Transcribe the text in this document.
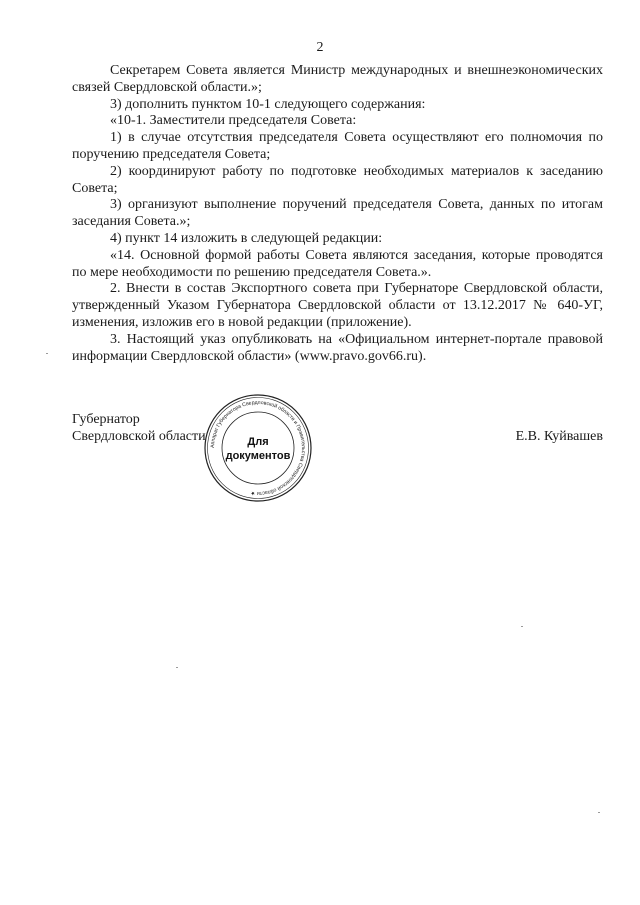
2

Секретарем Совета является Министр международных и внешнеэкономических связей Свердловской области.»;

3) дополнить пунктом 10-1 следующего содержания:

«10-1. Заместители председателя Совета:

1) в случае отсутствия председателя Совета осуществляют его полномочия по поручению председателя Совета;

2) координируют работу по подготовке необходимых материалов к заседанию Совета;

3) организуют выполнение поручений председателя Совета, данных по итогам заседания Совета.»;

4) пункт 14 изложить в следующей редакции:

«14. Основной формой работы Совета являются заседания, которые проводятся по мере необходимости по решению председателя Совета.».

2. Внести в состав Экспортного совета при Губернаторе Свердловской области, утвержденный Указом Губернатора Свердловской области от 13.12.2017 № 640-УГ, изменения, изложив его в новой редакции (приложение).

3. Настоящий указ опубликовать на «Официальном интернет-портале правовой информации Свердловской области» (www.pravo.gov66.ru).

Губернатор
Свердловской области	Е.В. Куйвашев
Аппарат Губернатора Свердловской области и Правительства Свердловской области ★
Для
документов
